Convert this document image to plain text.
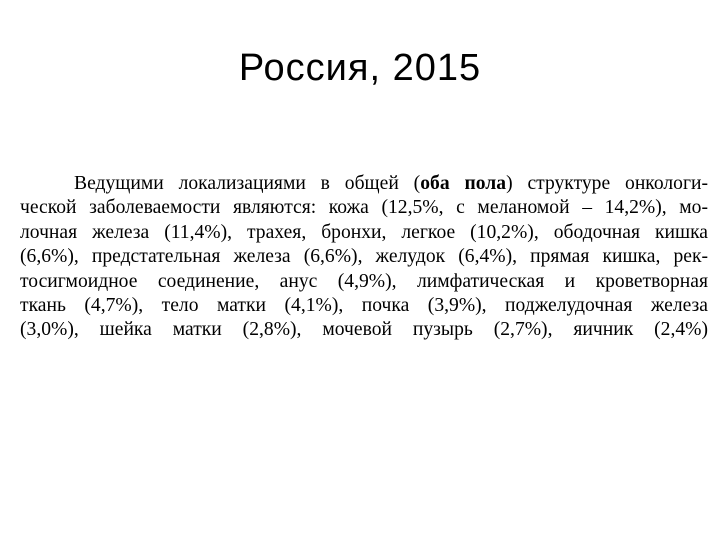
Россия, 2015
Ведущими локализациями в общей (оба пола) структуре онкологи-
ческой заболеваемости являются: кожа (12,5%, с меланомой – 14,2%), мо-
лочная железа (11,4%), трахея, бронхи, легкое (10,2%), ободочная кишка
(6,6%), предстательная железа (6,6%), желудок (6,4%), прямая кишка, рек-
тосигмоидное соединение, анус (4,9%), лимфатическая и кроветворная
ткань (4,7%), тело матки (4,1%), почка (3,9%), поджелудочная железа
(3,0%), шейка матки (2,8%), мочевой пузырь (2,7%), яичник (2,4%)
